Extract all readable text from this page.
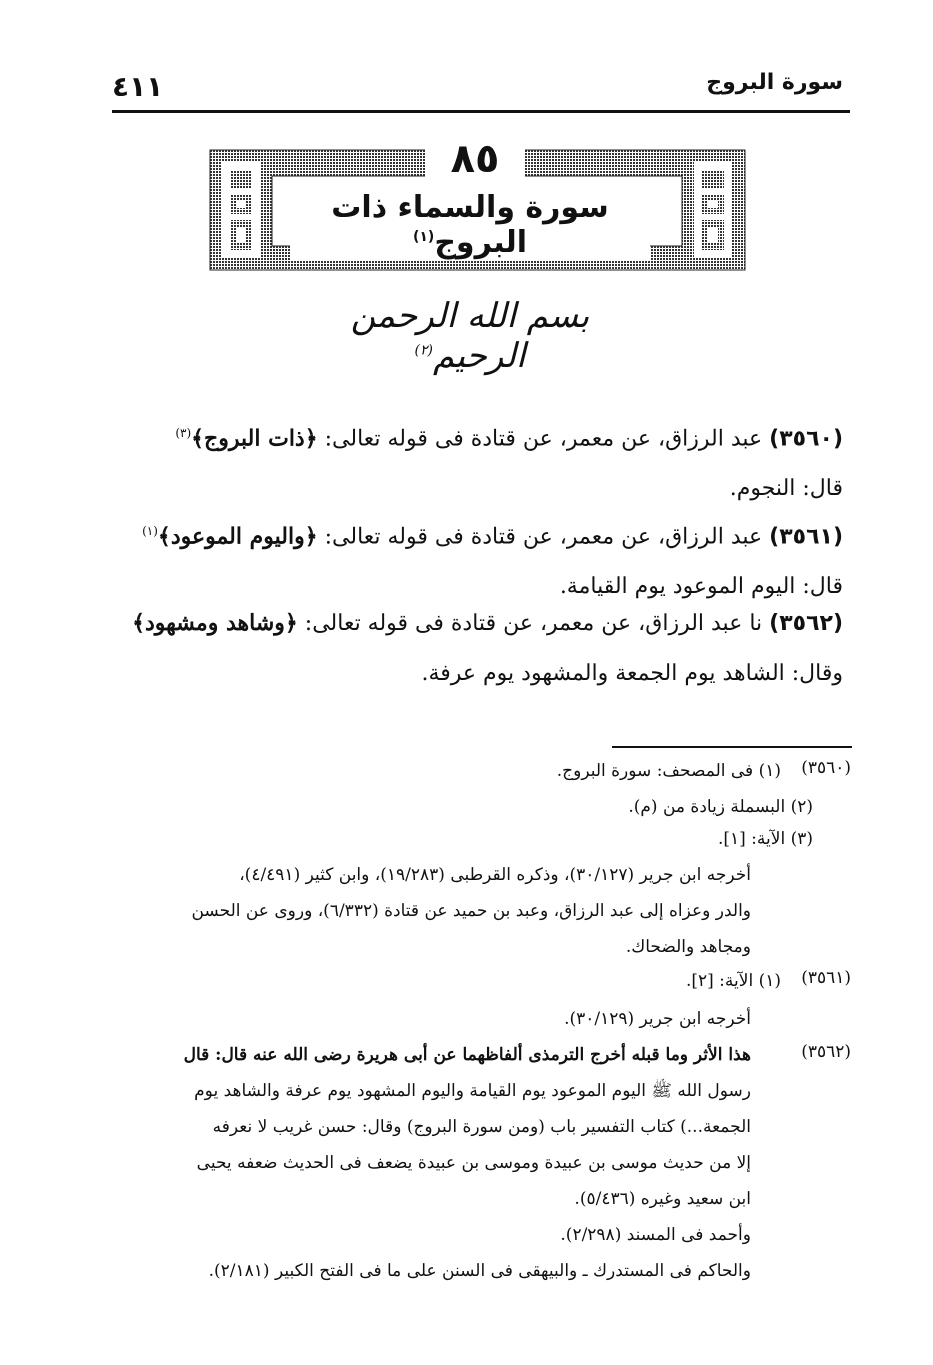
٤١١	سورة البروج
٨٥
سورة والسماء ذات البروج$^{(١)}$
بسم الله الرحمن الرحيم$^{(٢)}$
(٣٥٦٠) عبد الرزاق، عن معمر، عن قتادة فى قوله تعالى: ﴿ذات البروج﴾$^{(٣)}$
قال: النجوم.
(٣٥٦١) عبد الرزاق، عن معمر، عن قتادة فى قوله تعالى: ﴿واليوم الموعود﴾$^{(١)}$
قال: اليوم الموعود يوم القيامة.
(٣٥٦٢) نا عبد الرزاق، عن معمر، عن قتادة فى قوله تعالى: ﴿وشاهد ومشهود﴾
وقال: الشاهد يوم الجمعة والمشهود يوم عرفة.
(٣٥٦٠)
(١) فى المصحف: سورة البروج.
(٢) البسملة زيادة من (م).
(٣) الآية: [١].
أخرجه ابن جرير (٣٠/١٢٧)، وذكره القرطبى (١٩/٢٨٣)، وابن كثير (٤/٤٩١)،
والدر وعزاه إلى عبد الرزاق، وعبد بن حميد عن قتادة (٦/٣٣٢)، وروى عن الحسن
ومجاهد والضحاك.
(٣٥٦١)
(١) الآية: [٢].
أخرجه ابن جرير (٣٠/١٢٩).
(٣٥٦٢)
هذا الأثر وما قبله أخرج الترمذى ألفاظهما عن أبى هريرة رضى الله عنه قال: قال
رسول الله ﷺ اليوم الموعود يوم القيامة واليوم المشهود يوم عرفة والشاهد يوم
الجمعة...) كتاب التفسير باب (ومن سورة البروج) وقال: حسن غريب لا نعرفه
إلا من حديث موسى بن عبيدة وموسى بن عبيدة يضعف فى الحديث ضعفه يحيى
ابن سعيد وغيره (٥/٤٣٦).
وأحمد فى المسند (٢/٢٩٨).
والحاكم فى المستدرك ـ والبيهقى فى السنن على ما فى الفتح الكبير (٢/١٨١).
